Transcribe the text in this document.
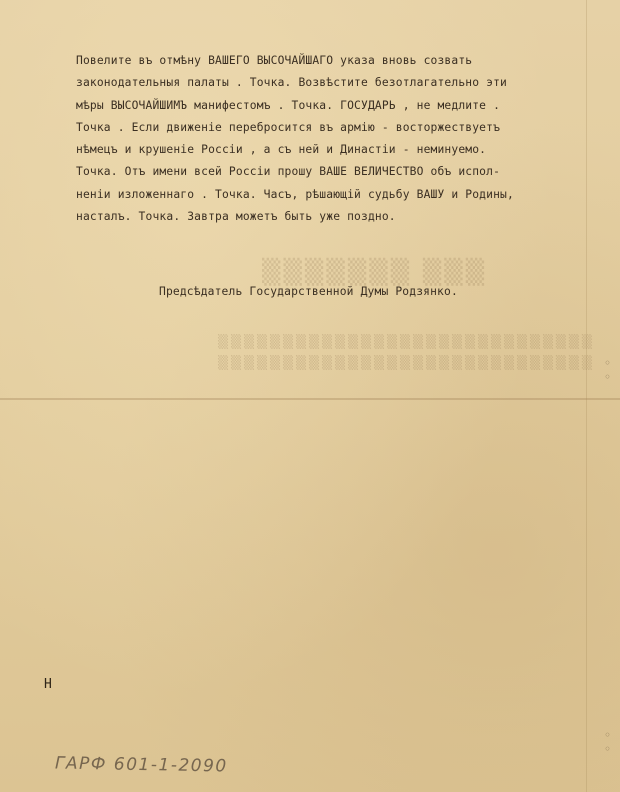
▒▒▒▒▒▒▒ ▒▒▒
▒▒▒▒▒▒▒▒▒▒▒▒▒▒▒▒▒▒▒▒▒▒▒▒▒▒▒▒▒
▒▒▒▒▒▒▒▒▒▒▒▒▒▒▒▒▒▒▒▒▒▒▒▒▒▒▒▒▒
Повелите въ отмѣну ВАШЕГО ВЫСОЧАЙШАГО указа вновь созвать
законодательныя палаты . Точка. Возвѣстите безотлагательно эти
мѣры ВЫСОЧАЙШИМЪ манифестомъ . Точка. ГОСУДАРЬ , не медлите .
Точка . Если движеніе перебросится въ армію - восторжествуетъ
нѣмецъ и крушеніе Россіи , а съ ней и Династіи - неминуемо.
Точка. Отъ имени всей Россіи прошу ВАШЕ ВЕЛИЧЕСТВО объ испол-
неніи изложеннаго . Точка. Часъ, рѣшающій судьбу ВАШУ и Родины,
насталъ. Точка. Завтра можетъ быть уже поздно.
Предсѣдатель Государственной Думы Родзянко.
Н
ГАРФ 601-1-2090
◦
◦
◦
◦
